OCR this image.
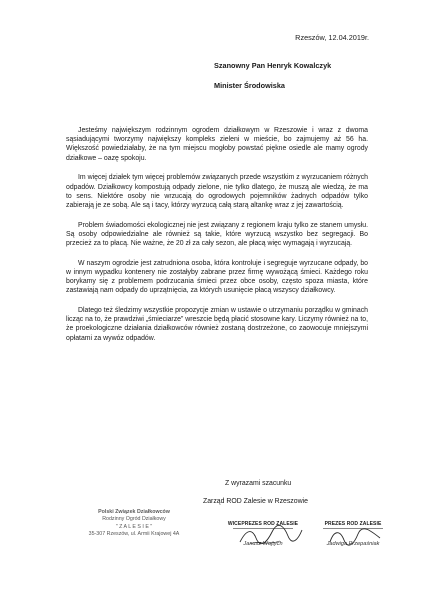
Rzeszów, 12.04.2019r.
Szanowny Pan Henryk Kowalczyk
Minister Środowiska

Jesteśmy największym rodzinnym ogrodem działkowym w Rzeszowie i wraz z dwoma sąsiadującymi tworzymy największy kompleks zieleni w mieście, bo zajmujemy aż 56 ha. Większość powiedziałaby, że na tym miejscu mogłoby powstać piękne osiedle ale mamy ogrody działkowe – oazę spokoju.

Im więcej działek tym więcej problemów związanych przede wszystkim z wyrzucaniem różnych odpadów. Działkowcy kompostują odpady zielone, nie tylko dlatego, że muszą ale wiedzą, że ma to sens. Niektóre osoby nie wrzucają do ogrodowych pojemników żadnych odpadów tylko zabierają je ze sobą. Ale są i tacy, którzy wyrzucą całą starą altankę wraz z jej zawartością.

Problem świadomości ekologicznej nie jest związany z regionem kraju tylko ze stanem umysłu. Są osoby odpowiedzialne ale również są takie, które wyrzucą wszystko bez segregacji. Bo przecież za to płacą. Nie ważne, że 20 zł za cały sezon, ale płacą więc wymagają i wyrzucają.

W naszym ogrodzie jest zatrudniona osoba, która kontroluje i segreguje wyrzucane odpady, bo w innym wypadku kontenery nie zostałyby zabrane przez firmę wywożącą śmieci. Każdego roku borykamy się z problemem podrzucania śmieci przez obce osoby, często spoza miasta, które zastawiają nam odpady do uprzątnięcia, za których usunięcie płacą wszyscy działkowcy.

Dlatego też śledzimy wszystkie propozycje zmian w ustawie o utrzymaniu porządku w gminach licząc na to, że prawdziwi „śmieciarze” wreszcie będą płacić stosowne kary. Liczymy również na to, że proekologiczne działania działkowców również zostaną dostrzeżone, co zaowocuje mniejszymi opłatami za wywóz odpadów.

Z wyrazami szacunku
Zarząd ROD Zalesie w Rzeszowie
Polski Związek Działkowców
Rodzinny Ogród Działkowy
" Z A L E S I E "
35-307 Rzeszów, ul. Armii Krajowej 4A
WICEPREZES ROD ZALESIE
Janusz Wojtych
PREZES ROD ZALESIE
Jadwiga Przepaśniak
